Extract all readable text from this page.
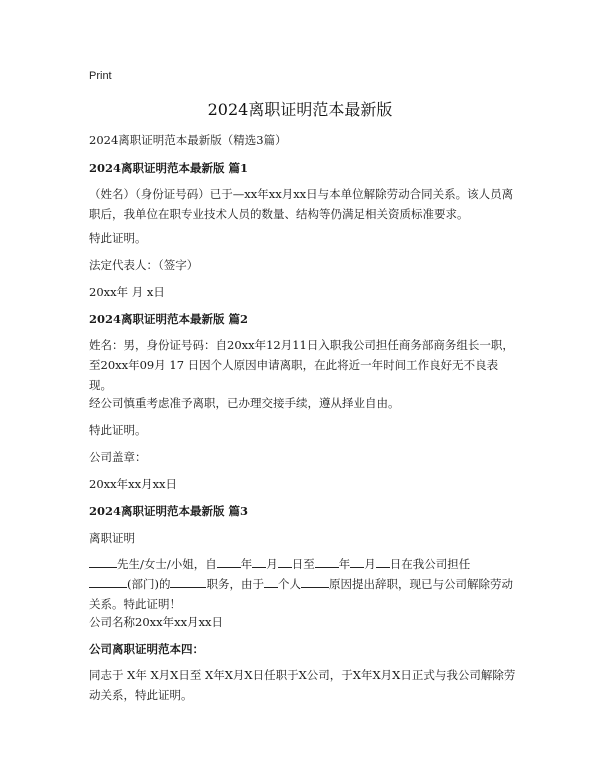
Print
2024离职证明范本最新版
2024离职证明范本最新版（精选3篇）
2024离职证明范本最新版 篇1
（姓名）（身份证号码）已于—xx年xx月xx日与本单位解除劳动合同关系。该人员离职后，我单位在职专业技术人员的数量、结构等仍满足相关资质标准要求。
特此证明。
法定代表人：（签字）
20xx年 月 x日
2024离职证明范本最新版 篇2
姓名：男，身份证号码：自20xx年12月11日入职我公司担任商务部商务组长一职，至20xx年09月 17 日因个人原因申请离职，在此将近一年时间工作良好无不良表现。
经公司慎重考虑准予离职，已办理交接手续，遵从择业自由。
特此证明。
公司盖章：
20xx年xx月xx日
2024离职证明范本最新版 篇3
离职证明
先生/女士/小姐，自 年 月 日至 年 月 日在我公司担任
(部门)的	职务，由于 个人 原因提出辞职，现已与公司解除劳动关系。特此证明！
公司名称20xx年xx月xx日
公司离职证明范本四：
同志于 X年 X月X日至 X年X月X日任职于X公司，于X年X月X日正式与我公司解除劳动关系，特此证明。
